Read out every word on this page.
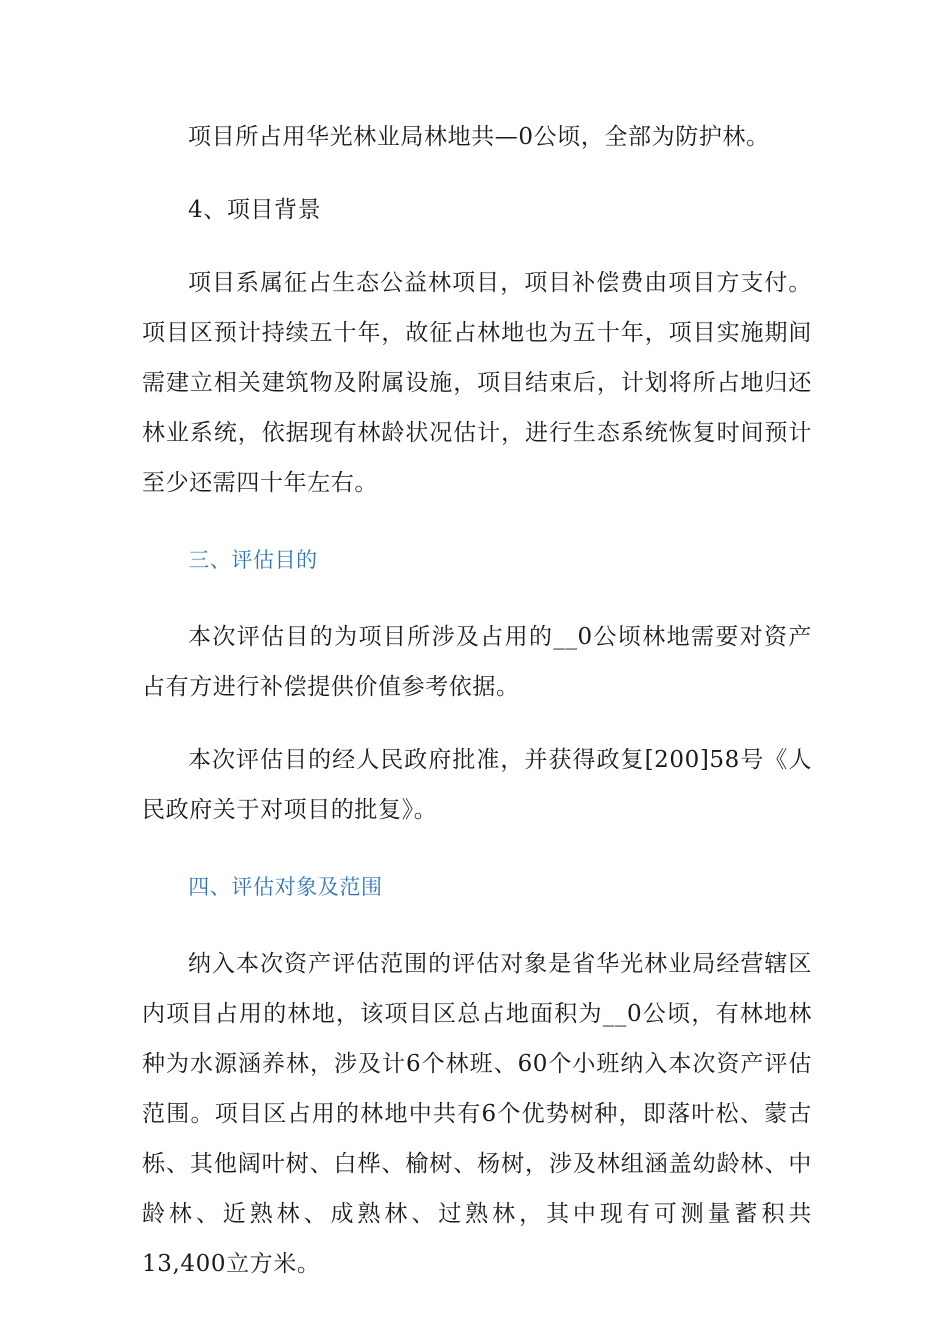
项目所占用华光林业局林地共—0公顷，全部为防护林。

4、项目背景

项目系属征占生态公益林项目，项目补偿费由项目方支付。项目区预计持续五十年，故征占林地也为五十年，项目实施期间需建立相关建筑物及附属设施，项目结束后，计划将所占地归还林业系统，依据现有林龄状况估计，进行生态系统恢复时间预计至少还需四十年左右。

三、评估目的

本次评估目的为项目所涉及占用的__0公顷林地需要对资产占有方进行补偿提供价值参考依据。

本次评估目的经人民政府批准，并获得政复[200]58号《人民政府关于对项目的批复》。

四、评估对象及范围

纳入本次资产评估范围的评估对象是省华光林业局经营辖区内项目占用的林地，该项目区总占地面积为__0公顷，有林地林种为水源涵养林，涉及计6个林班、60个小班纳入本次资产评估范围。项目区占用的林地中共有6个优势树种，即落叶松、蒙古栎、其他阔叶树、白桦、榆树、杨树，涉及林组涵盖幼龄林、中龄林、近熟林、成熟林、过熟林，其中现有可测量蓄积共13,400立方米。
